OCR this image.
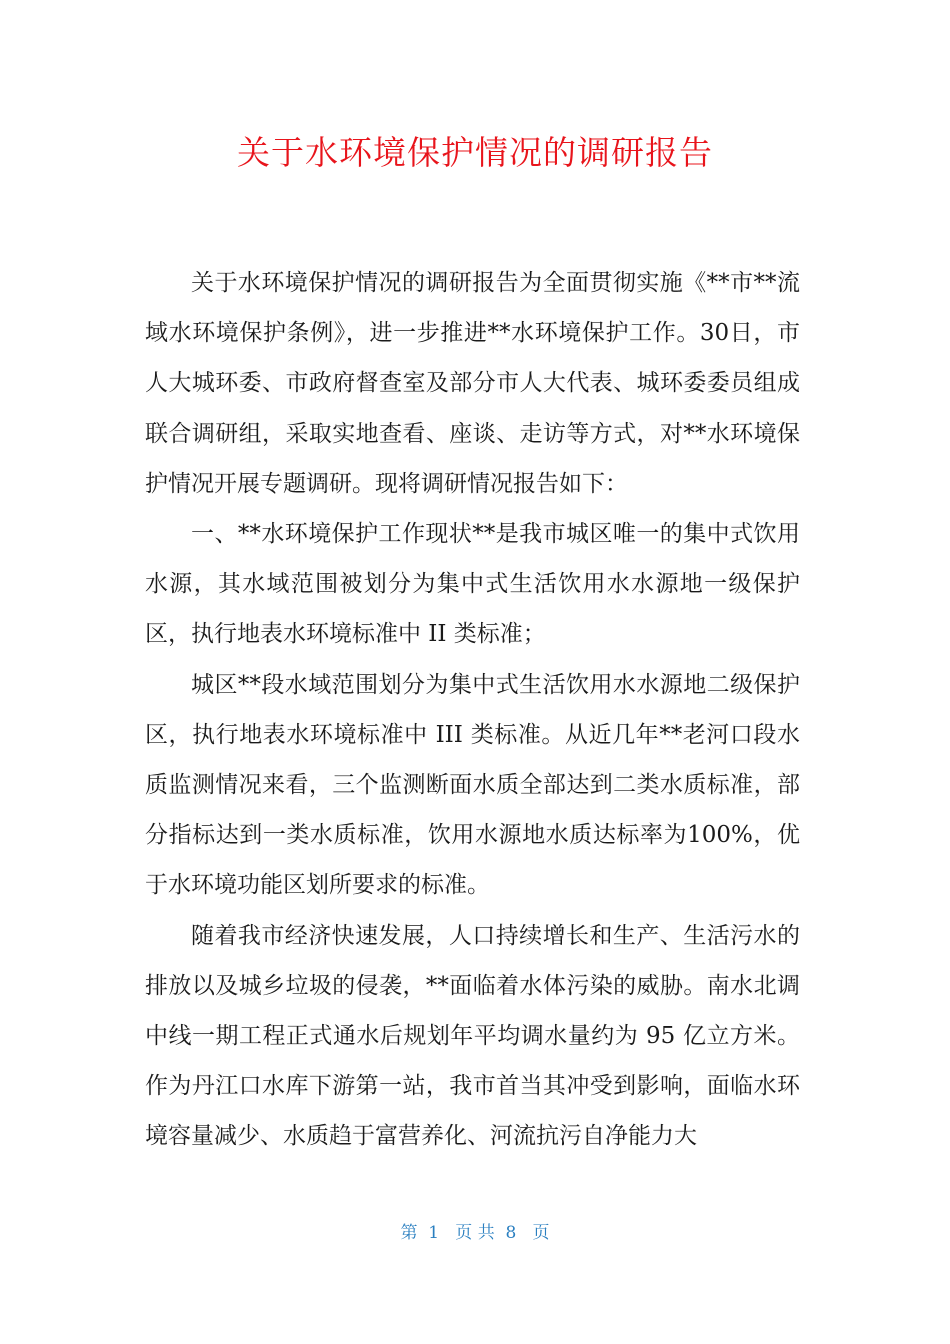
关于水环境保护情况的调研报告

关于水环境保护情况的调研报告为全面贯彻实施《**市**流域水环境保护条例》，进一步推进**水环境保护工作。30日，市人大城环委、市政府督查室及部分市人大代表、城环委委员组成联合调研组，采取实地查看、座谈、走访等方式，对**水环境保护情况开展专题调研。现将调研情况报告如下：

一、**水环境保护工作现状**是我市城区唯一的集中式饮用水源，其水域范围被划分为集中式生活饮用水水源地一级保护区，执行地表水环境标准中 II 类标准；

城区**段水域范围划分为集中式生活饮用水水源地二级保护区，执行地表水环境标准中 III 类标准。从近几年**老河口段水质监测情况来看，三个监测断面水质全部达到二类水质标准，部分指标达到一类水质标准，饮用水源地水质达标率为100%，优于水环境功能区划所要求的标准。

随着我市经济快速发展，人口持续增长和生产、生活污水的排放以及城乡垃圾的侵袭，**面临着水体污染的威胁。南水北调中线一期工程正式通水后规划年平均调水量约为 95 亿立方米。作为丹江口水库下游第一站，我市首当其冲受到影响，面临水环境容量减少、水质趋于富营养化、河流抗污自净能力大

第  1   页 共  8   页
